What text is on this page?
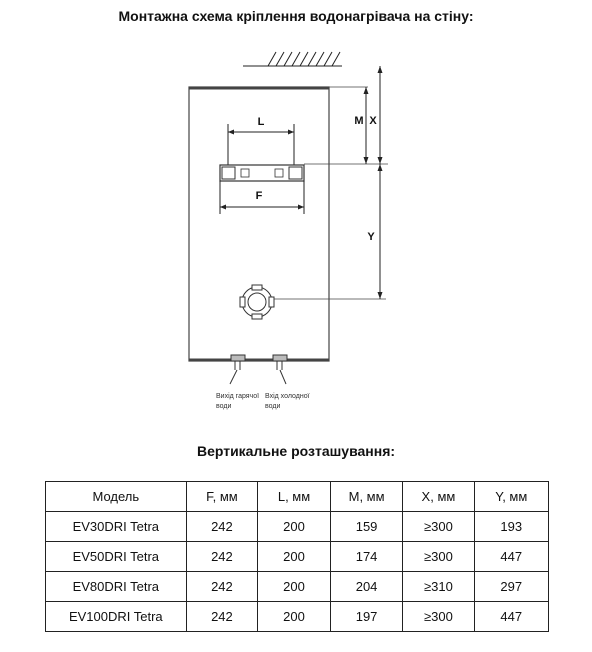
Монтажна схема кріплення водонагрівача на стіну:
L
F
M X
Y
Вихід гарячої
води
Вхід холодної
води
Вертикальне розташування:
Модель	F, мм	L, мм	M, мм	X, мм	Y, мм
EV30DRI Tetra	242	200	159	≥300	193
EV50DRI Tetra	242	200	174	≥300	447
EV80DRI Tetra	242	200	204	≥310	297
EV100DRI Tetra	242	200	197	≥300	447
